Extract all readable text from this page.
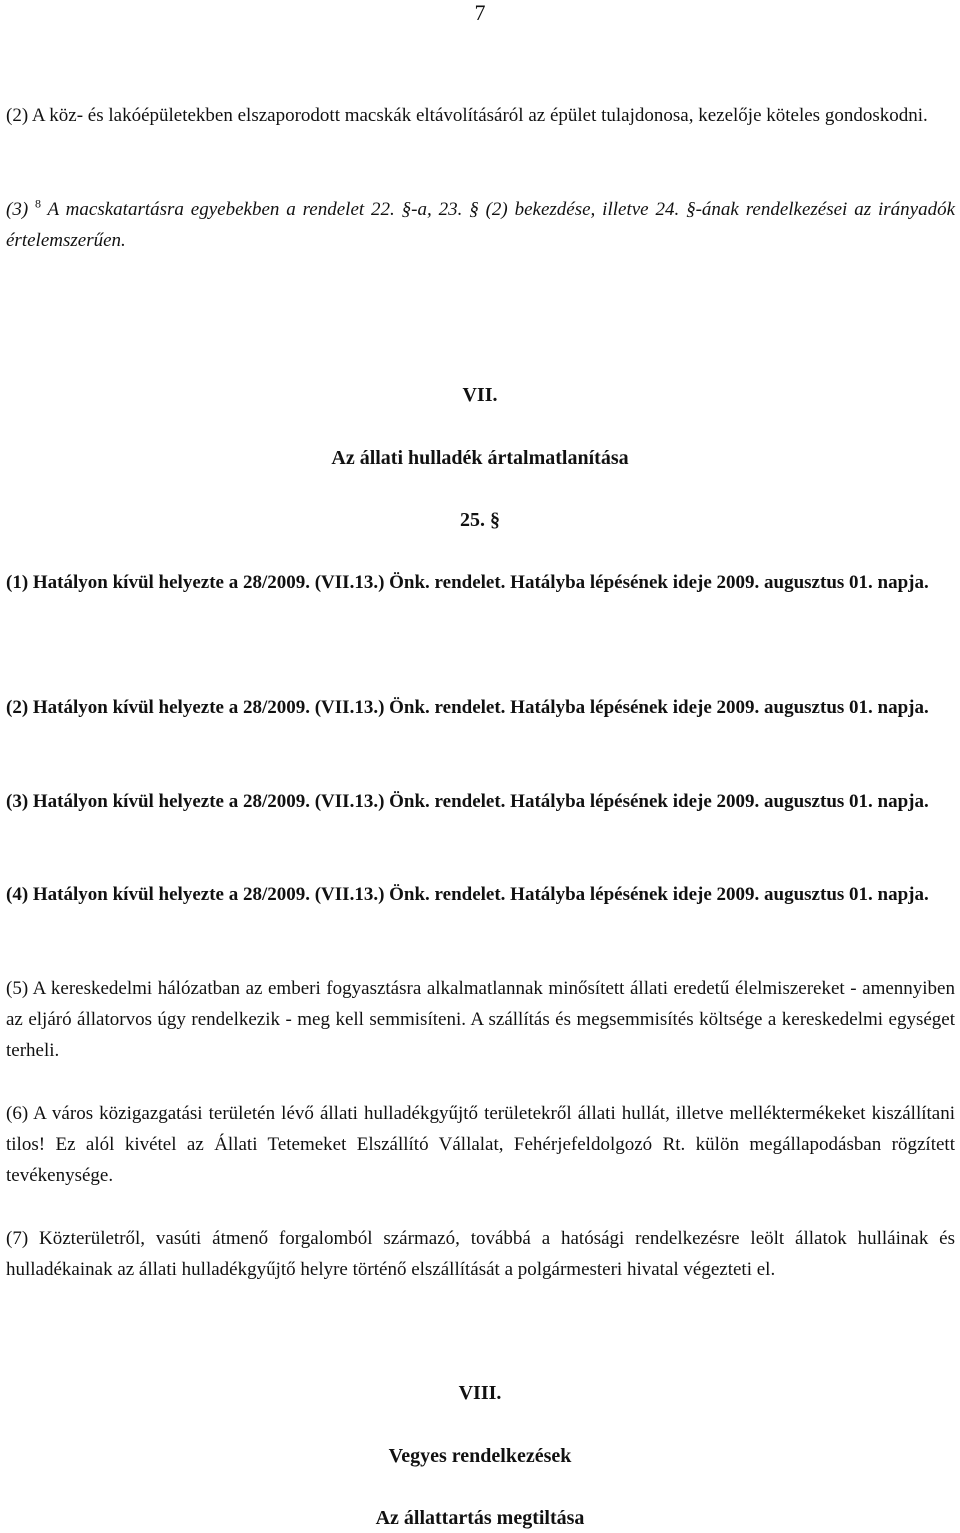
7
(2) A köz- és lakóépületekben elszaporodott macskák eltávolításáról az épület tulajdonosa, kezelője köteles gondoskodni.
(3) $^8$ A macskatartásra egyebekben a rendelet 22. §-a, 23. § (2) bekezdése, illetve 24. §-ának rendelkezései az irányadók értelemszerűen.
VII.
Az állati hulladék ártalmatlanítása
25. §
(1) Hatályon kívül helyezte a 28/2009. (VII.13.) Önk. rendelet. Hatályba lépésének ideje 2009. augusztus 01. napja.
(2) Hatályon kívül helyezte a 28/2009. (VII.13.) Önk. rendelet. Hatályba lépésének ideje 2009. augusztus 01. napja.
(3) Hatályon kívül helyezte a 28/2009. (VII.13.) Önk. rendelet. Hatályba lépésének ideje 2009. augusztus 01. napja.
(4) Hatályon kívül helyezte a 28/2009. (VII.13.) Önk. rendelet. Hatályba lépésének ideje 2009. augusztus 01. napja.
(5) A kereskedelmi hálózatban az emberi fogyasztásra alkalmatlannak minősített állati eredetű élelmiszereket - amennyiben az eljáró állatorvos úgy rendelkezik - meg kell semmisíteni. A szállítás és megsemmisítés költsége a kereskedelmi egységet terheli.
(6) A város közigazgatási területén lévő állati hulladékgyűjtő területekről állati hullát, illetve melléktermékeket kiszállítani tilos! Ez alól kivétel az Állati Tetemeket Elszállító Vállalat, Fehérjefeldolgozó Rt. külön megállapodásban rögzített tevékenysége.
(7) Közterületről, vasúti átmenő forgalomból származó, továbbá a hatósági rendelkezésre leölt állatok hulláinak és hulladékainak az állati hulladékgyűjtő helyre történő elszállítását a polgármesteri hivatal végezteti el.
VIII.
Vegyes rendelkezések
Az állattartás megtiltása
